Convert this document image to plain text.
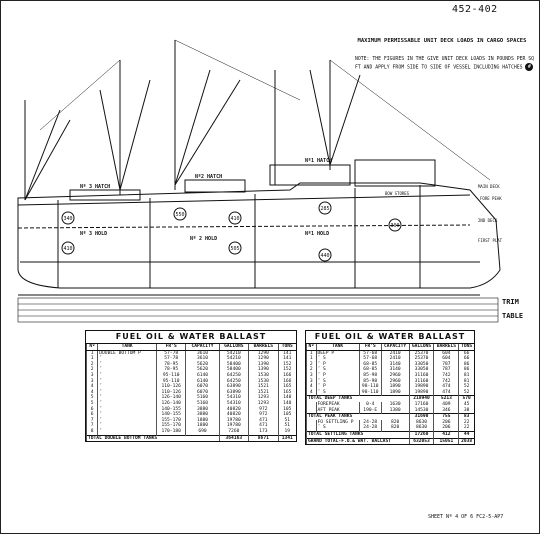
452-402
MAXIMUM PERMISSABLE UNIT DECK LOADS IN CARGO SPACES
NOTE: THE FIGURES IN THE GIVE UNIT DECK LOADS IN POUNDS PER SQ FT AND APPLY FROM SIDE TO SIDE OF VESSEL INCLUDING HATCHES #
340
410
550
410
505
285
440
300
Nº 3 HATCH
Nº2 HATCH
Nº1 HATCH
Nº 3 HOLD
Nº 2 HOLD
Nº1 HOLD
FORE PEAK
MAIN DECK
2ND DECK
BOW STORES
FIRST PLAT
TRIM
TABLE
FUEL OIL & WATER BALLAST
Nº	TANK	FR'S	CAPACITY	GALLONS	BARRELS	TONS
1	DOUBLE BOTTOM P	57-78	3610	54210	1290	141
1	″	57-78	3610	54210	1290	141
2	″	78-95	5620	58400	1390	152
2	″	78-95	5620	58400	1390	152
3	″	95-110	6140	64250	1530	166
3	″	95-110	6140	64250	1530	166
4	″	110-126	6070	63890	1521	165
4	″	110-126	6070	63890	1521	165
5	″	126-140	5160	54310	1293	140
5	″	126-140	5160	54310	1293	140
6	″	140-155	3880	40820	972	105
6	″	140-155	3880	40820	972	105
7	″	155-170	1880	19780	471	51
7	″	155-170	1880	19780	471	51
8	″	170-180	690	7260	173	19
TOTAL DOUBLE BOTTOM TANKS				364163	8671	1341
FUEL OIL & WATER BALLAST
Nº	TANK	FR'S	CAPACITY	GALLONS	BARRELS	TONS
1	DEEP P	57-68	2410	25370	604	66
1	″ S	57-68	2410	25370	604	66
2	″ P	68-85	3140	33050	787	86
2	″ S	68-85	3140	33050	787	86
3	″ P	85-98	2960	31160	742	81
3	″ S	85-98	2960	31160	742	81
4	″ P	98-110	1890	19890	474	52
4	″ S	98-110	1890	19890	474	52
TOTAL DEEP TANKS				218940	5213	570
	FOREPEAK	0-4	1630	17160	409	45
	AFT PEAK	190-E	1380	14530	346	38
TOTAL PEAK TANKS				31690	755	83
	FO SETTLING P	24-28	820	8630	206	22
	″ S	24-28	820	8630	206	22
TOTAL SETTLING TANKS				17260	412	44
GRAND TOTAL-F.O.& WAT. BALLAST				632053	15051	2038
SHEET Nº 4 OF 6 FC2-5-AP7
